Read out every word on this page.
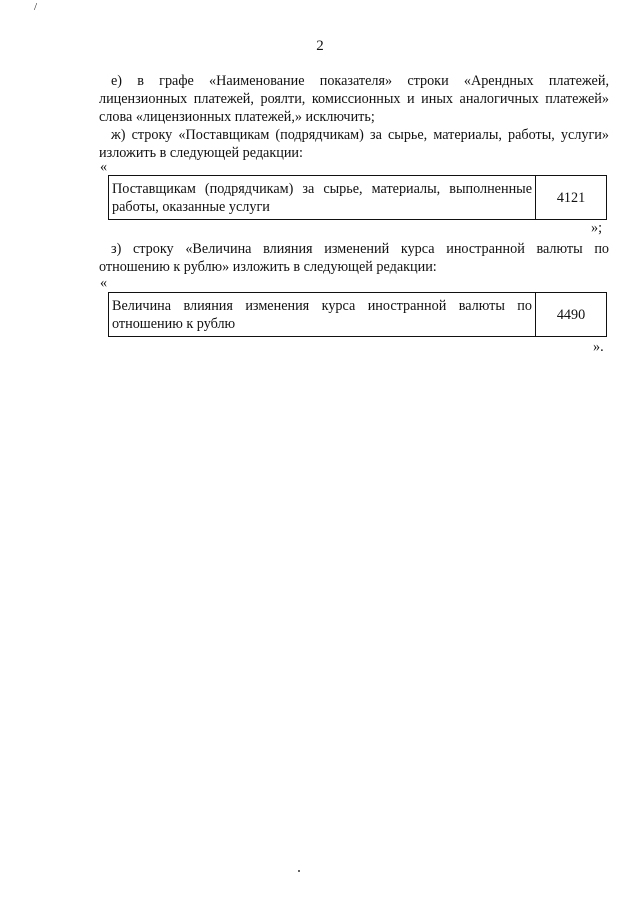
/
2

е) в графе «Наименование показателя» строки «Арендных платежей, лицензионных платежей, роялти, комиссионных и иных аналогичных платежей» слова «лицензионных платежей,» исключить;

ж) строку «Поставщикам (подрядчикам) за сырье, материалы, работы, услуги» изложить в следующей редакции:

«
Поставщикам (подрядчикам) за сырье, материалы, выполненные работы, оказанные услуги	4121
»;

з) строку «Величина влияния изменений курса иностранной валюты по отношению к рублю» изложить в следующей редакции:

«
Величина влияния изменения курса иностранной валюты по отношению к рублю	4490
».
